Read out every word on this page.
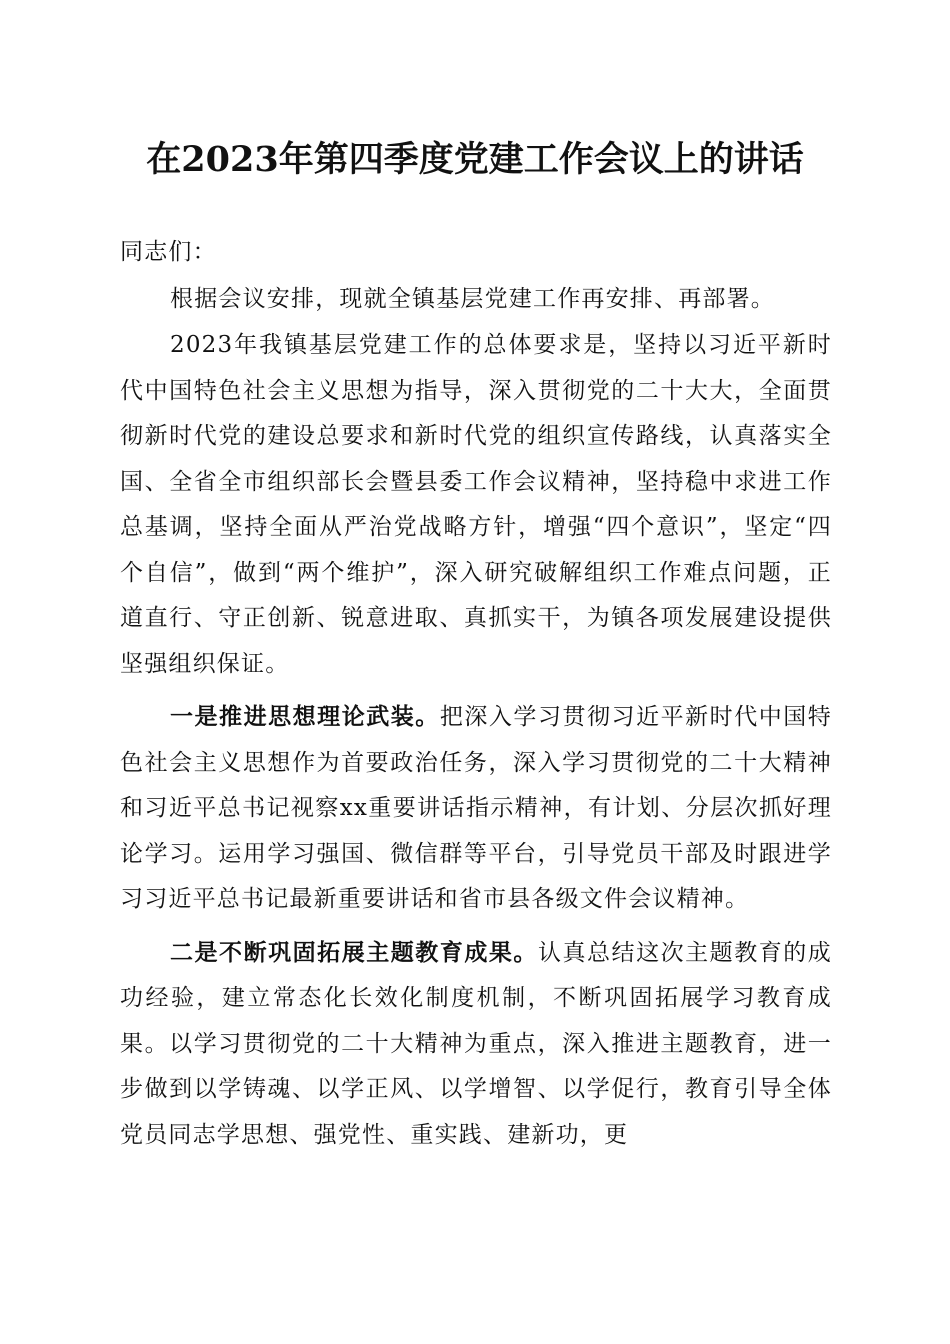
在2023年第四季度党建工作会议上的讲话

同志们：

根据会议安排，现就全镇基层党建工作再安排、再部署。

2023年我镇基层党建工作的总体要求是，坚持以习近平新时代中国特色社会主义思想为指导，深入贯彻党的二十大大，全面贯彻新时代党的建设总要求和新时代党的组织宣传路线，认真落实全国、全省全市组织部长会暨县委工作会议精神，坚持稳中求进工作总基调，坚持全面从严治党战略方针，增强“四个意识”，坚定“四个自信”，做到“两个维护”，深入研究破解组织工作难点问题，正道直行、守正创新、锐意进取、真抓实干，为镇各项发展建设提供坚强组织保证。

一是推进思想理论武装。把深入学习贯彻习近平新时代中国特色社会主义思想作为首要政治任务，深入学习贯彻党的二十大精神和习近平总书记视察xx重要讲话指示精神，有计划、分层次抓好理论学习。运用学习强国、微信群等平台，引导党员干部及时跟进学习习近平总书记最新重要讲话和省市县各级文件会议精神。

二是不断巩固拓展主题教育成果。认真总结这次主题教育的成功经验，建立常态化长效化制度机制，不断巩固拓展学习教育成果。以学习贯彻党的二十大精神为重点，深入推进主题教育，进一步做到以学铸魂、以学正风、以学增智、以学促行，教育引导全体党员同志学思想、强党性、重实践、建新功，更
